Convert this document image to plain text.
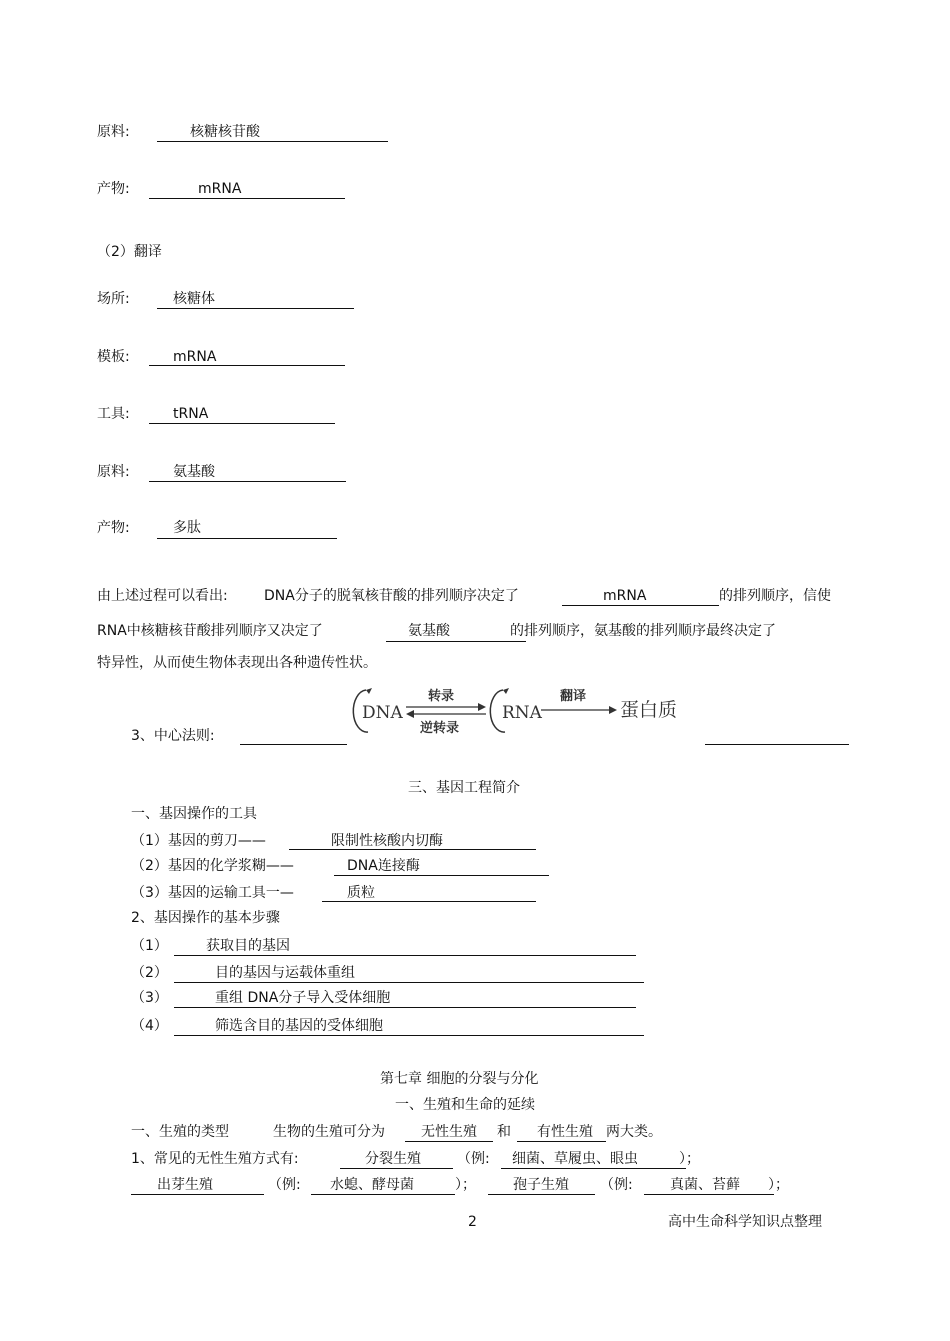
原料:	核糖核苷酸
产物:	mRNA
（2）翻译
场所:	核糖体
模板:	mRNA
工具:	tRNA
原料:	氨基酸
产物:	多肽
由上述过程可以看出:	DNA分子的脱氧核苷酸的排列顺序决定了	mRNA	的排列顺序，信使
RNA中核糖核苷酸排列顺序又决定了	氨基酸	的排列顺序，氨基酸的排列顺序最终决定了
特异性，从而使生物体表现出各种遗传性状。
3、中心法则:
DNA
转录
逆转录
RNA
翻译
蛋白质
三、基因工程简介
一、基因操作的工具
（1）基因的剪刀——	限制性核酸内切酶
（2）基因的化学浆糊——	DNA连接酶
（3）基因的运输工具一—	质粒
2、基因操作的基本步骤
（1）	获取目的基因
（2）	目的基因与运载体重组
（3）	重组 DNA分子导入受体细胞
（4）	筛选含目的基因的受体细胞
第七章 细胞的分裂与分化
一、生殖和生命的延续
一、生殖的类型	生物的生殖可分为	无性生殖 和 有性生殖 两大类。
1、常见的无性生殖方式有:	分裂生殖	（例: 细菌、草履虫、眼虫	）；
出芽生殖	（例: 水螅、酵母菌	）；	孢子生殖 （例:	真菌、苔藓 ）；
2	高中生命科学知识点整理
